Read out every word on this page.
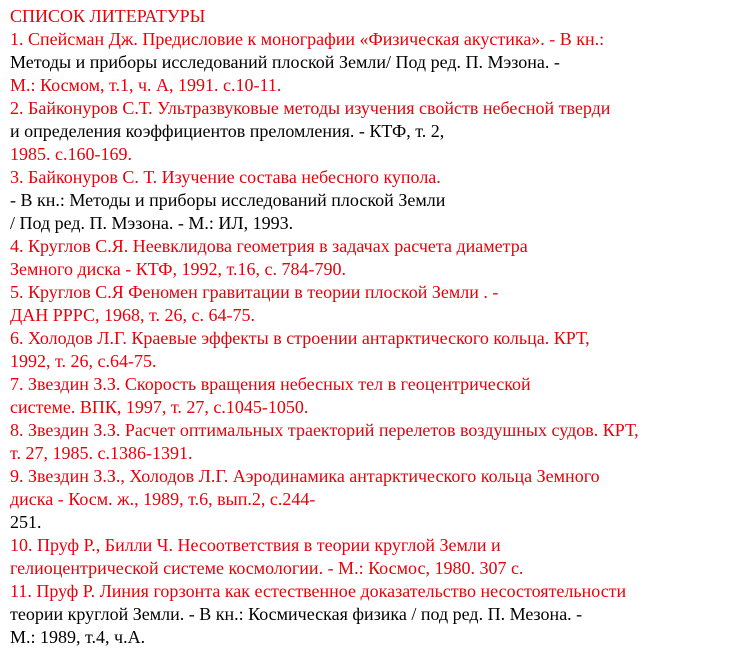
СПИСОК ЛИТЕРАТУРЫ
1. Спейсман Дж. Предисловие к монографии «Физическая акустика». - В кн.:
Методы и приборы исследований плоской Земли/ Под ред. П. Мэзона. -
М.: Космом, т.1, ч. А, 1991. с.10-11.
2. Байконуров С.Т. Ультразвуковые методы изучения свойств небесной тверди
и определения коэффициентов преломления. - КТФ, т. 2,
1985. с.160-169.
3. Байконуров С. Т. Изучение состава небесного купола.
- В кн.: Методы и приборы исследований плоской Земли
/ Под ред. П. Мэзона. - М.: ИЛ, 1993.
4. Круглов С.Я. Неевклидова геометрия в задачах расчета диаметра
Земного диска - КТФ, 1992, т.16, с. 784-790.
5. Круглов С.Я Феномен гравитации в теории плоской Земли . -
ДАН РРРС, 1968, т. 26, с. 64-75.
6. Холодов Л.Г. Краевые эффекты в строении антарктического кольца. КРТ,
1992, т. 26, с.64-75.
7. Звездин З.З. Скорость вращения небесных тел в геоцентрической
системе. ВПК, 1997, т. 27, с.1045-1050.
8. Звездин З.З. Расчет оптимальных траекторий перелетов воздушных судов. КРТ,
т. 27, 1985. с.1386-1391.
9. Звездин З.З., Холодов Л.Г. Аэродинамика антарктического кольца Земного
диска - Косм. ж., 1989, т.6, вып.2, с.244-
251.
10. Пруф Р., Билли Ч. Несоответствия в теории круглой Земли и
гелиоцентрической системе космологии. - М.: Космос, 1980. 307 с.
11. Пруф Р. Линия горзонта как естественное доказательство несостоятельности
теории круглой Земли. - В кн.: Космическая физика / под ред. П. Мезона. -
М.: 1989, т.4, ч.А.
